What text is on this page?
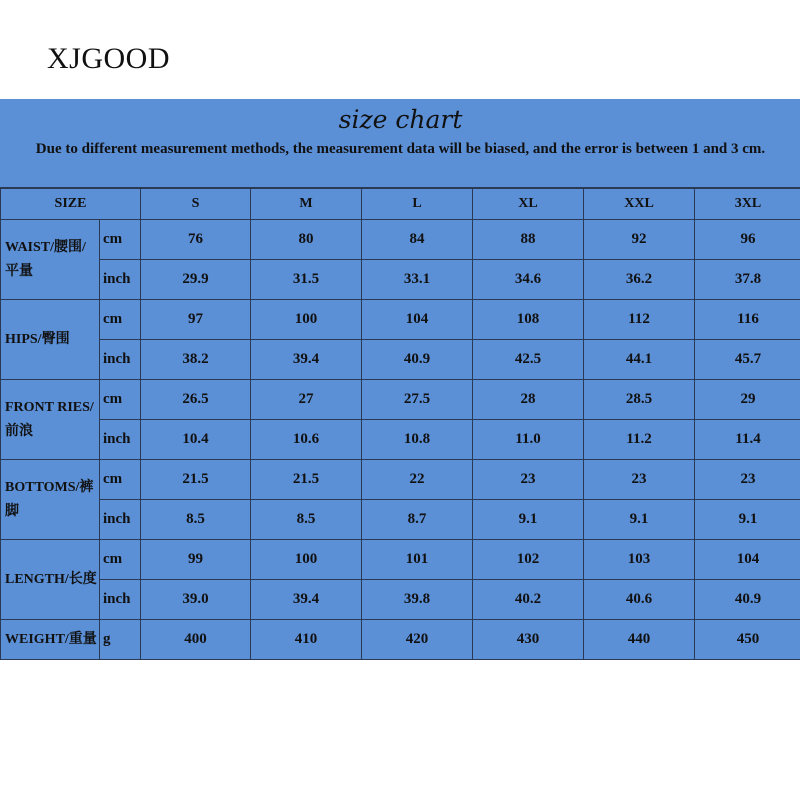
XJGOOD
size chart
Due to different measurement methods, the measurement data will be biased, and the error is between 1 and 3 cm.
SIZE		S	M	L	XL	XXL	3XL
WAIST/腰围/平量	cm	76	80	84	88	92	96
	inch	29.9	31.5	33.1	34.6	36.2	37.8
HIPS/臀围	cm	97	100	104	108	112	116
	inch	38.2	39.4	40.9	42.5	44.1	45.7
FRONT RIES/前浪	cm	26.5	27	27.5	28	28.5	29
	inch	10.4	10.6	10.8	11.0	11.2	11.4
BOTTOMS/裤脚	cm	21.5	21.5	22	23	23	23
	inch	8.5	8.5	8.7	9.1	9.1	9.1
LENGTH/长度	cm	99	100	101	102	103	104
	inch	39.0	39.4	39.8	40.2	40.6	40.9
WEIGHT/重量	g	400	410	420	430	440	450
